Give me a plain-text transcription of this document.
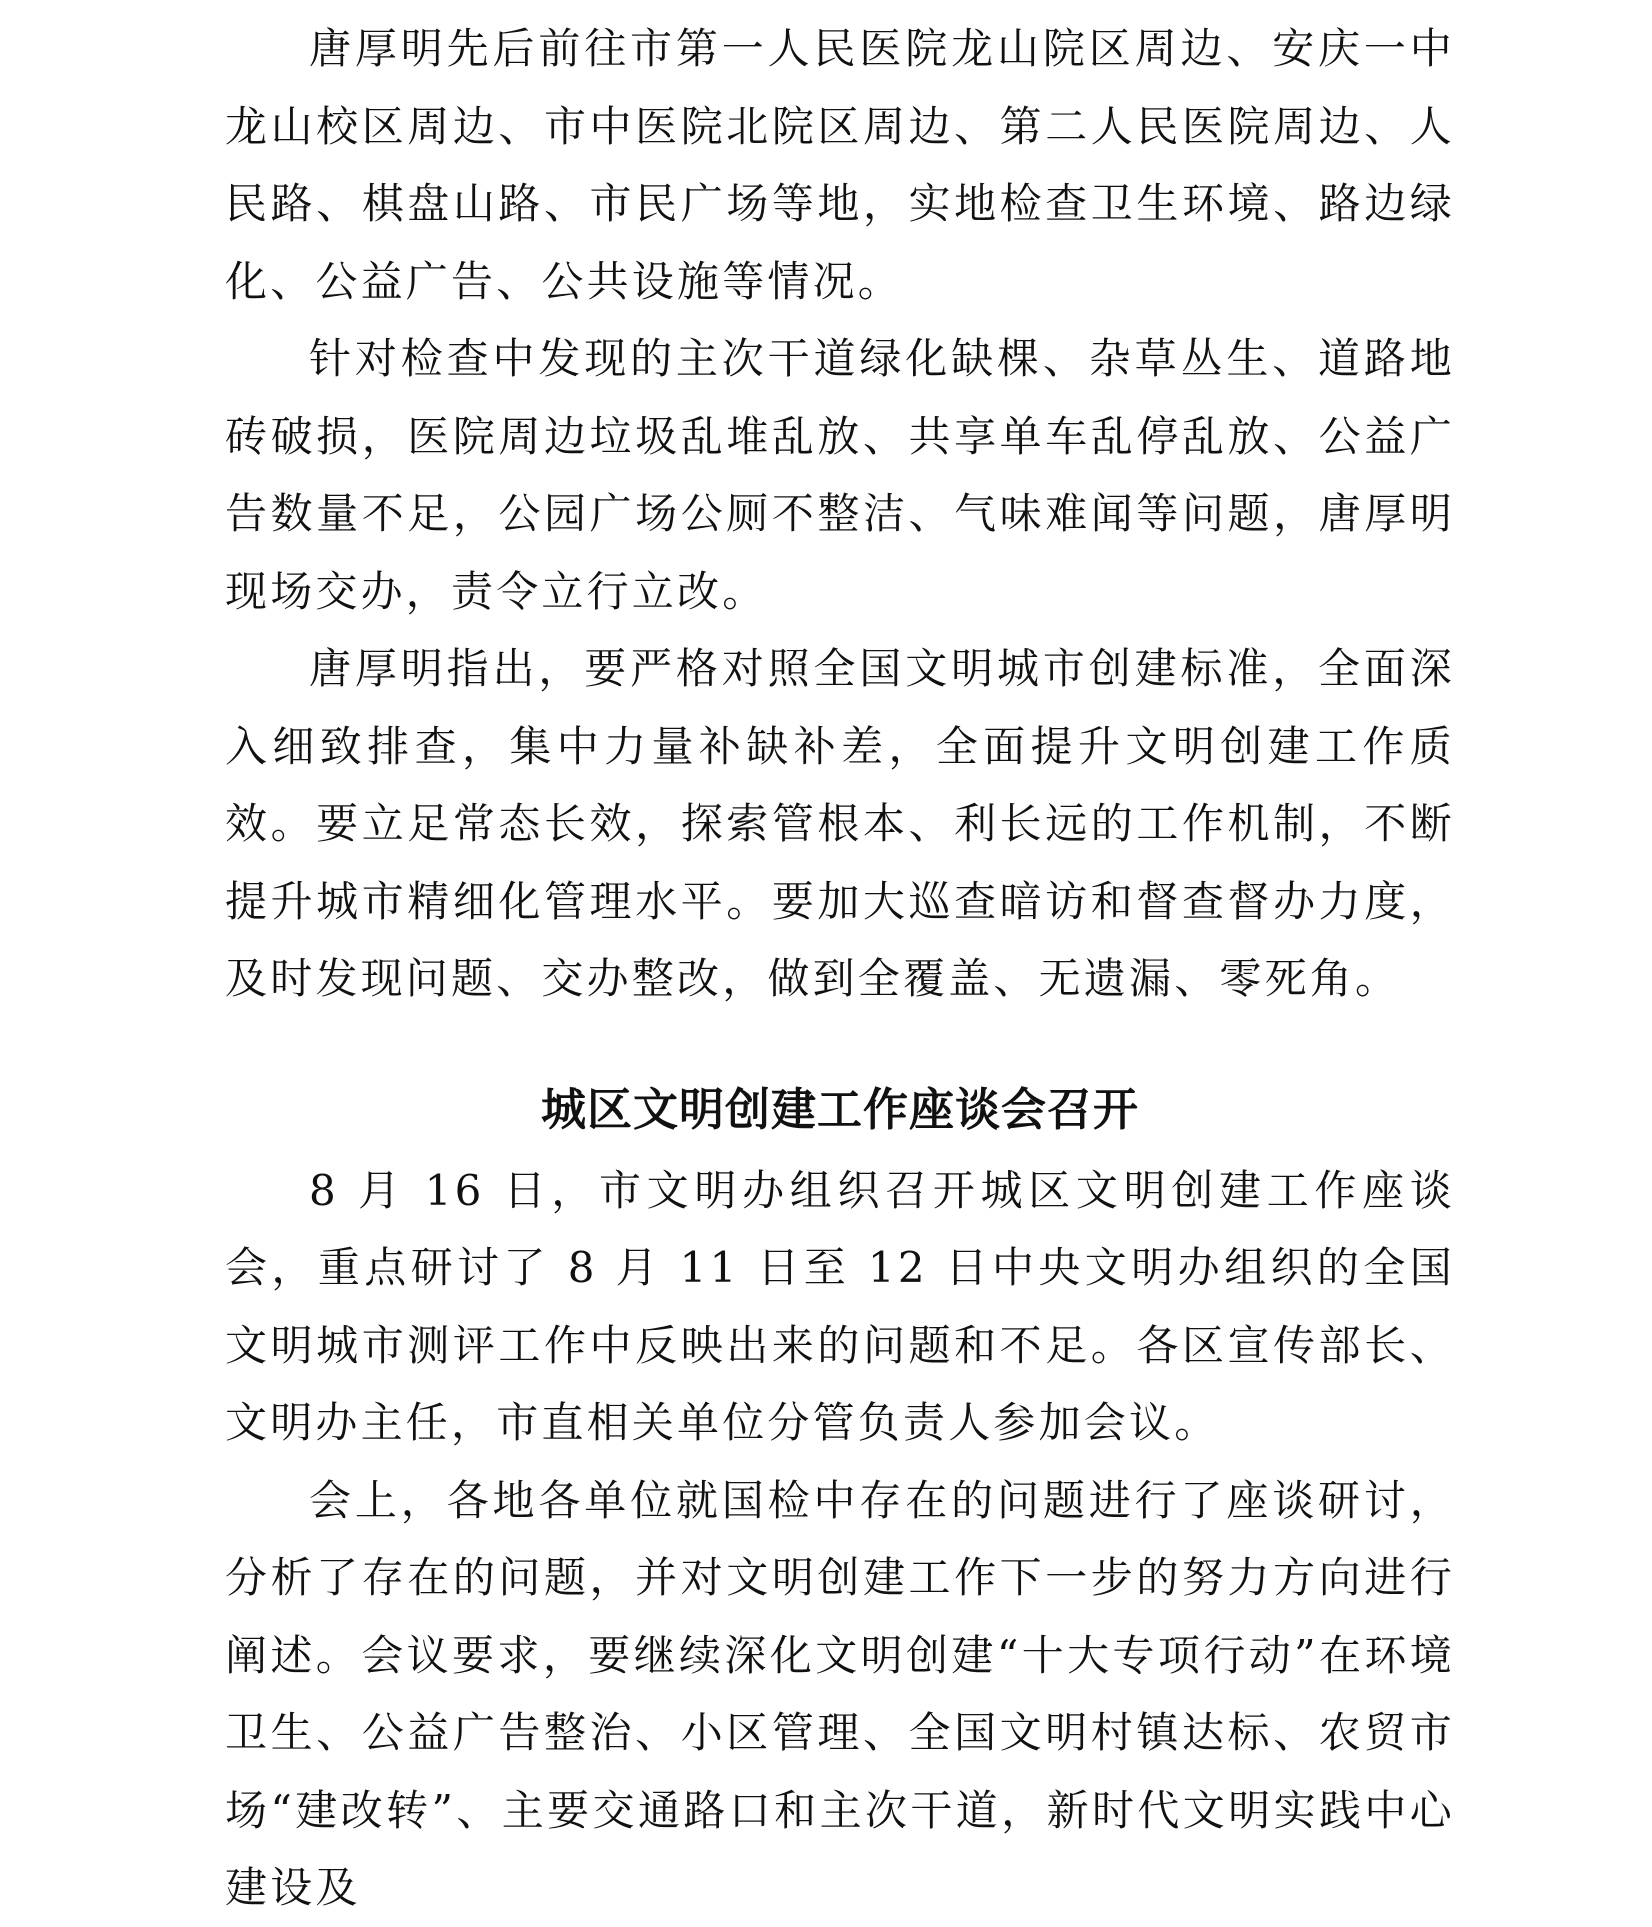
唐厚明先后前往市第一人民医院龙山院区周边、安庆一中龙山校区周边、市中医院北院区周边、第二人民医院周边、人民路、棋盘山路、市民广场等地，实地检查卫生环境、路边绿化、公益广告、公共设施等情况。

针对检查中发现的主次干道绿化缺棵、杂草丛生、道路地砖破损，医院周边垃圾乱堆乱放、共享单车乱停乱放、公益广告数量不足，公园广场公厕不整洁、气味难闻等问题，唐厚明现场交办，责令立行立改。

唐厚明指出，要严格对照全国文明城市创建标准，全面深入细致排查，集中力量补缺补差，全面提升文明创建工作质效。要立足常态长效，探索管根本、利长远的工作机制，不断提升城市精细化管理水平。要加大巡查暗访和督查督办力度，及时发现问题、交办整改，做到全覆盖、无遗漏、零死角。

城区文明创建工作座谈会召开

8 月 16 日，市文明办组织召开城区文明创建工作座谈会，重点研讨了 8 月 11 日至 12 日中央文明办组织的全国文明城市测评工作中反映出来的问题和不足。各区宣传部长、文明办主任，市直相关单位分管负责人参加会议。

会上，各地各单位就国检中存在的问题进行了座谈研讨，分析了存在的问题，并对文明创建工作下一步的努力方向进行阐述。会议要求，要继续深化文明创建“十大专项行动”在环境卫生、公益广告整治、小区管理、全国文明村镇达标、农贸市场“建改转”、主要交通路口和主次干道，新时代文明实践中心建设及
